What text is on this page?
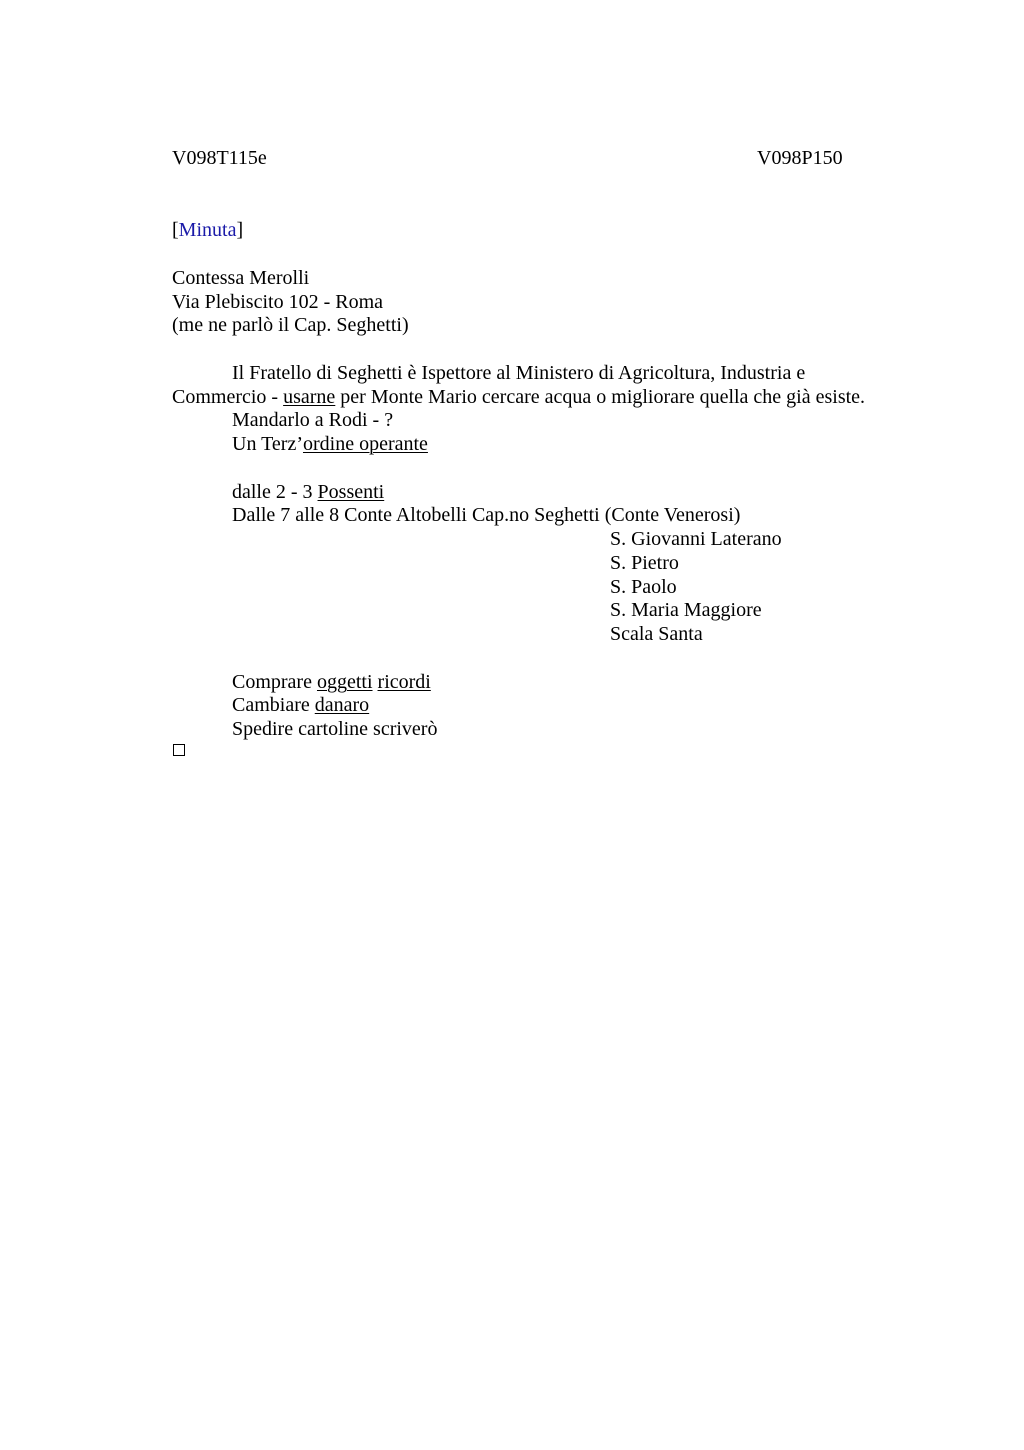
V098T115e	V098P150
[Minuta]
Contessa Merolli
Via Plebiscito 102 - Roma
(me ne parlò il Cap. Seghetti)
Il Fratello di Seghetti è Ispettore al Ministero di Agricoltura, Industria e
Commercio - usarne per Monte Mario cercare acqua o migliorare quella che già esiste.
Mandarlo a Rodi - ?
Un Terz’ordine operante
dalle 2 - 3 Possenti
Dalle 7 alle 8 Conte Altobelli Cap.no Seghetti (Conte Venerosi)
S. Giovanni Laterano
S. Pietro
S. Paolo
S. Maria Maggiore
Scala Santa
Comprare oggetti ricordi
Cambiare danaro
Spedire cartoline scriverò
